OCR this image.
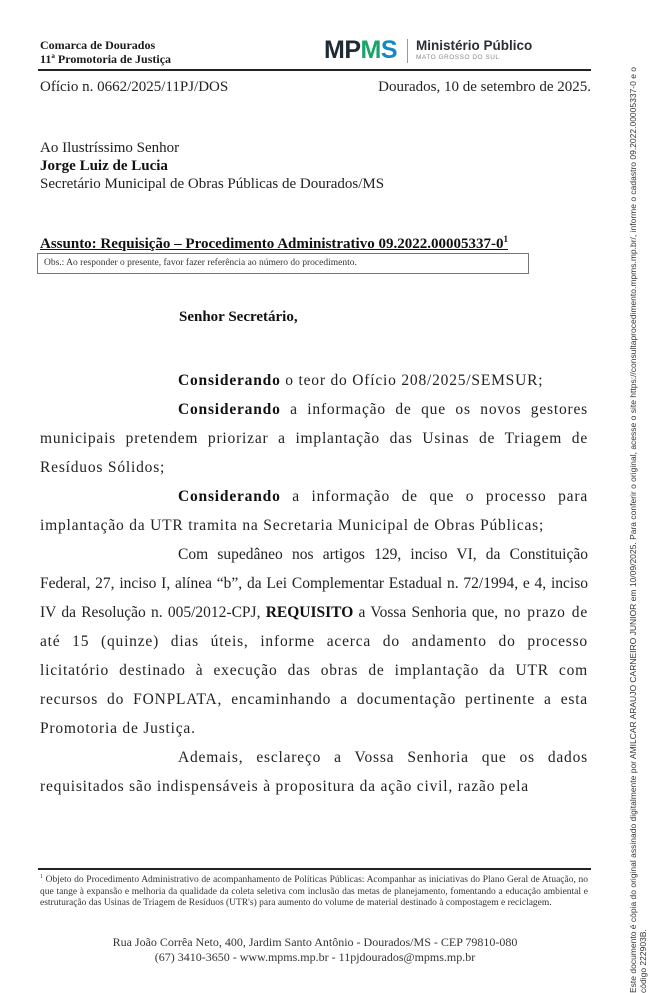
Comarca de Dourados
11ª Promotoria de Justiça	MP MS Ministério Público
MATO GROSSO DO SUL
Ofício n. 0662/2025/11PJ/DOS	Dourados, 10 de setembro de 2025.
Ao Ilustríssimo Senhor
Jorge Luiz de Lucia
Secretário Municipal de Obras Públicas de Dourados/MS
Assunto: Requisição – Procedimento Administrativo $09.2022.00005337-0^1$
Obs.: Ao responder o presente, favor fazer referência ao número do procedimento.
Senhor Secretário,

Considerando o teor do Ofício 208/2025/SEMSUR;

Considerando a informação de que os novos gestores municipais pretendem priorizar a implantação das Usinas de Triagem de Resíduos Sólidos;

Considerando a informação de que o processo para implantação da UTR tramita na Secretaria Municipal de Obras Públicas;

Com supedâneo nos artigos 129, inciso VI, da Constituição Federal, 27, inciso I, alínea “b”, da Lei Complementar Estadual n. 72/1994, e 4, inciso IV da Resolução n. 005/2012-CPJ, REQUISITO a Vossa Senhoria que, no prazo de até 15 (quinze) dias úteis, informe acerca do andamento do processo licitatório destinado à execução das obras de implantação da UTR com recursos do FONPLATA, encaminhando a documentação pertinente a esta Promotoria de Justiça.

Ademais, esclareço a Vossa Senhoria que os dados requisitados são indispensáveis à propositura da ação civil, razão pela

$^1$ Objeto do Procedimento Administrativo de acompanhamento de Políticas Públicas: Acompanhar as iniciativas do Plano Geral de Atuação, no que tange à expansão e melhoria da qualidade da coleta seletiva com inclusão das metas de planejamento, fomentando a educação ambiental e estruturação das Usinas de Triagem de Resíduos (UTR's) para aumento do volume de material destinado à compostagem e reciclagem.
Rua João Corrêa Neto, 400, Jardim Santo Antônio - Dourados/MS - CEP 79810-080
(67) 3410-3650 - www.mpms.mp.br - 11pjdourados@mpms.mp.br	Este documento é cópia do original assinado digitalmente por AMILCAR ARAUJO CARNEIRO JUNIOR em 10/09/2025. Para conferir o original, acesse o site https://consultaprocedimento.mpms.mp.br/, informe o cadastro 09.2022.00005337-0 e o código 222903B.
